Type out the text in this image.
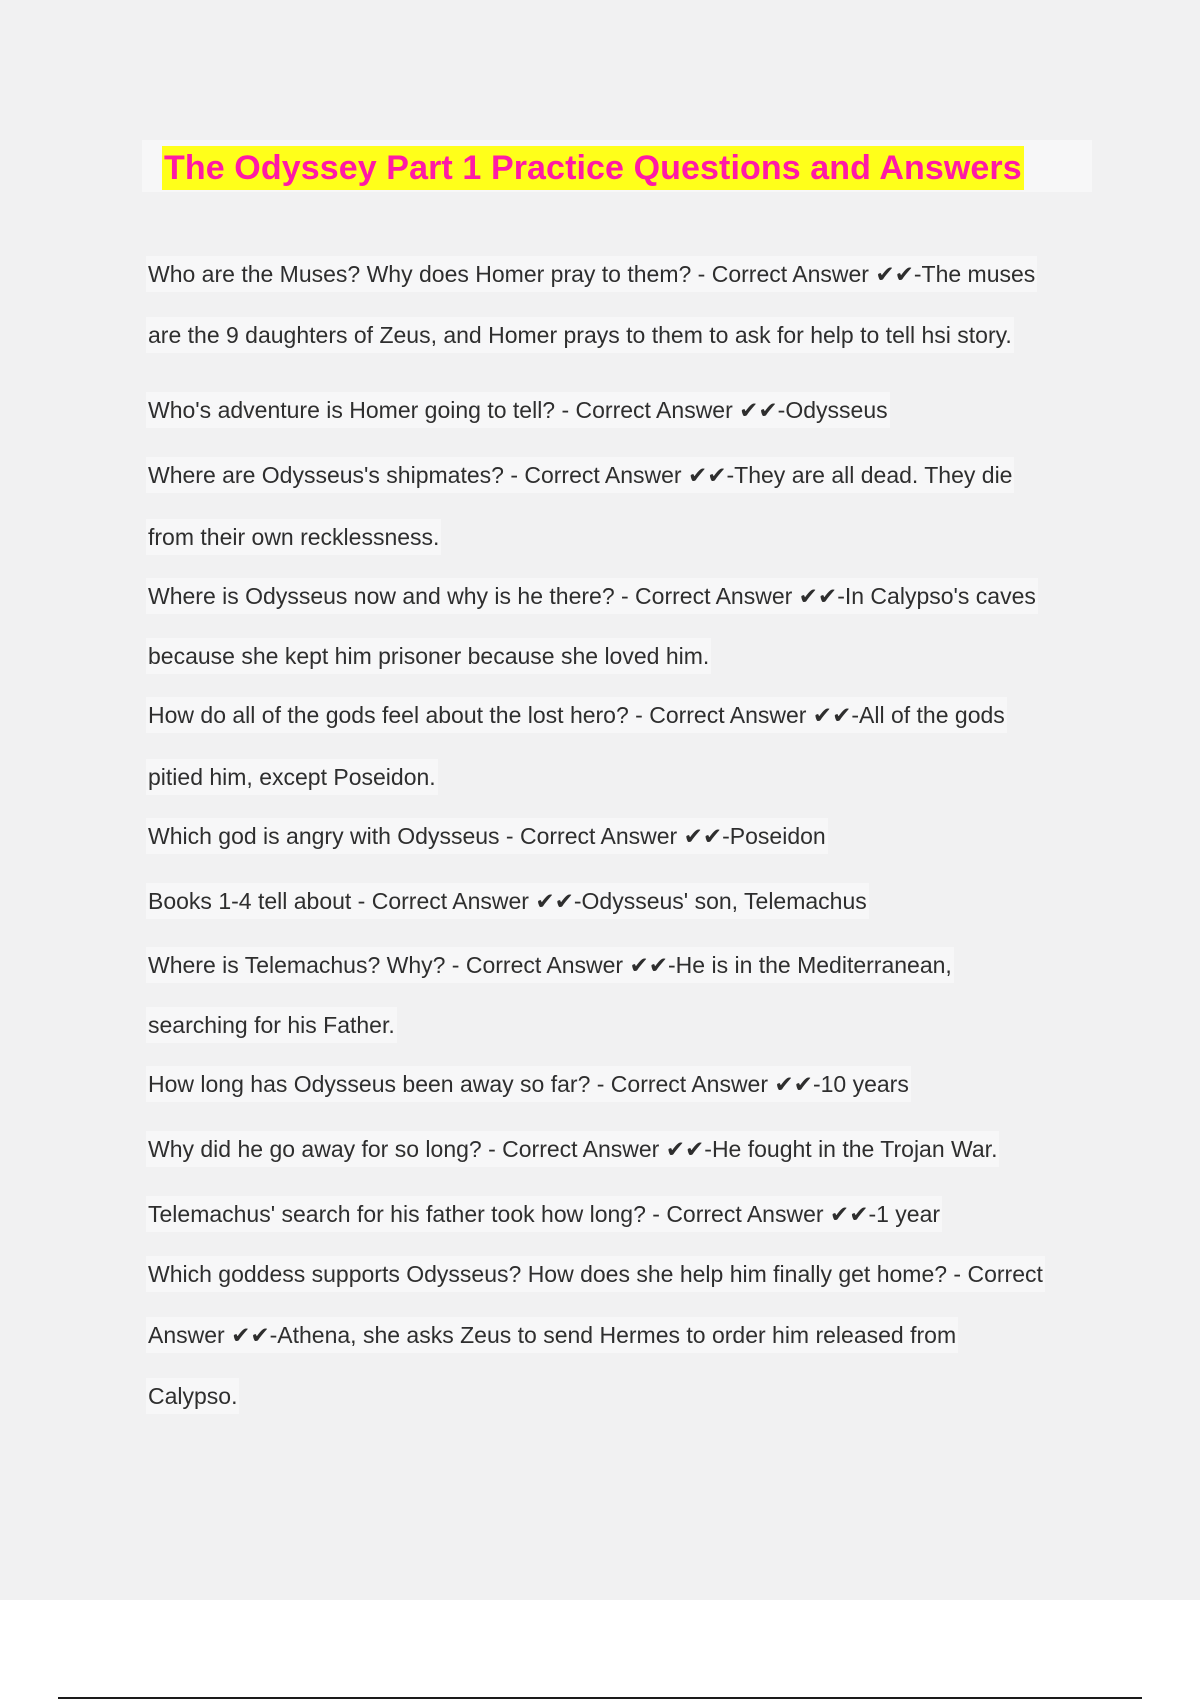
The Odyssey Part 1 Practice Questions and Answers

Who are the Muses? Why does Homer pray to them? - Correct Answer ✔✔-The muses

are the 9 daughters of Zeus, and Homer prays to them to ask for help to tell hsi story.

Who's adventure is Homer going to tell? - Correct Answer ✔✔-Odysseus

Where are Odysseus's shipmates? - Correct Answer ✔✔-They are all dead. They die

from their own recklessness.

Where is Odysseus now and why is he there? - Correct Answer ✔✔-In Calypso's caves

because she kept him prisoner because she loved him.

How do all of the gods feel about the lost hero? - Correct Answer ✔✔-All of the gods

pitied him, except Poseidon.

Which god is angry with Odysseus - Correct Answer ✔✔-Poseidon

Books 1-4 tell about - Correct Answer ✔✔-Odysseus' son, Telemachus

Where is Telemachus? Why? - Correct Answer ✔✔-He is in the Mediterranean,

searching for his Father.

How long has Odysseus been away so far? - Correct Answer ✔✔-10 years

Why did he go away for so long? - Correct Answer ✔✔-He fought in the Trojan War.

Telemachus' search for his father took how long? - Correct Answer ✔✔-1 year

Which goddess supports Odysseus? How does she help him finally get home? - Correct

Answer ✔✔-Athena, she asks Zeus to send Hermes to order him released from

Calypso.
